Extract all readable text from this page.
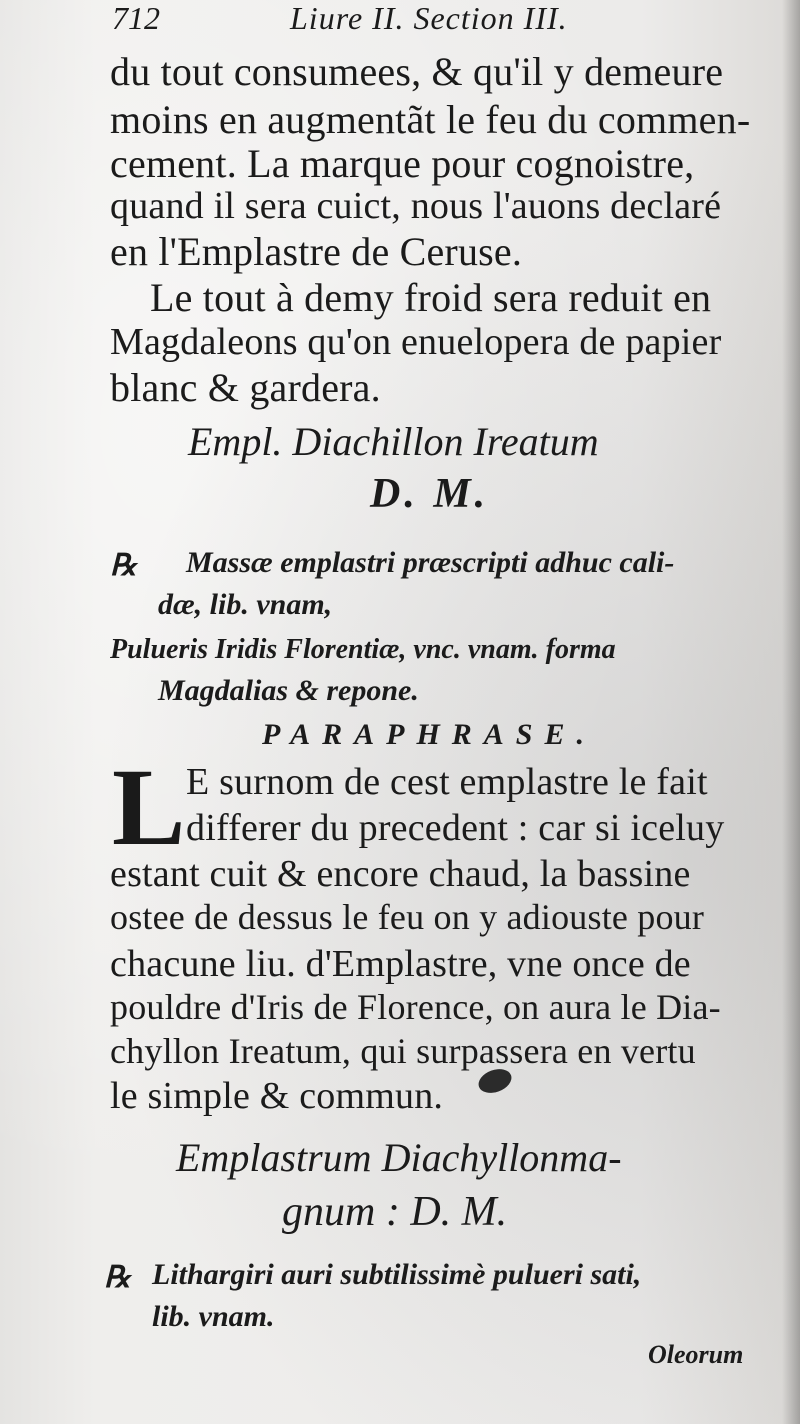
712	Liure II. Section III.
du tout consumees, & qu'il y demeure
moins en augmentãt le feu du commen-
cement. La marque pour cognoistre,
quand il sera cuict, nous l'auons declaré
en l'Emplastre de Ceruse.
Le tout à demy froid sera reduit en
Magdaleons qu'on enuelopera de papier
blanc & gardera.
Empl. Diachillon Ireatum
D. M.
℞ Massæ emplastri præscripti adhuc cali-
dæ, lib. vnam,
Pulueris Iridis Florentiæ, vnc. vnam. forma
Magdalias & repone.
PARAPHRASE.
L E surnom de cest emplastre le fait
differer du precedent : car si iceluy
estant cuit & encore chaud, la bassine
ostee de dessus le feu on y adiouste pour
chacune liu. d'Emplastre, vne once de
pouldre d'Iris de Florence, on aura le Dia-
chyllon Ireatum, qui surpassera en vertu
le simple & commun.
Emplastrum Diachyllonma-
gnum : D. M.
℞ Lithargiri auri subtilissimè pulueri sati,
lib. vnam.
Oleorum
